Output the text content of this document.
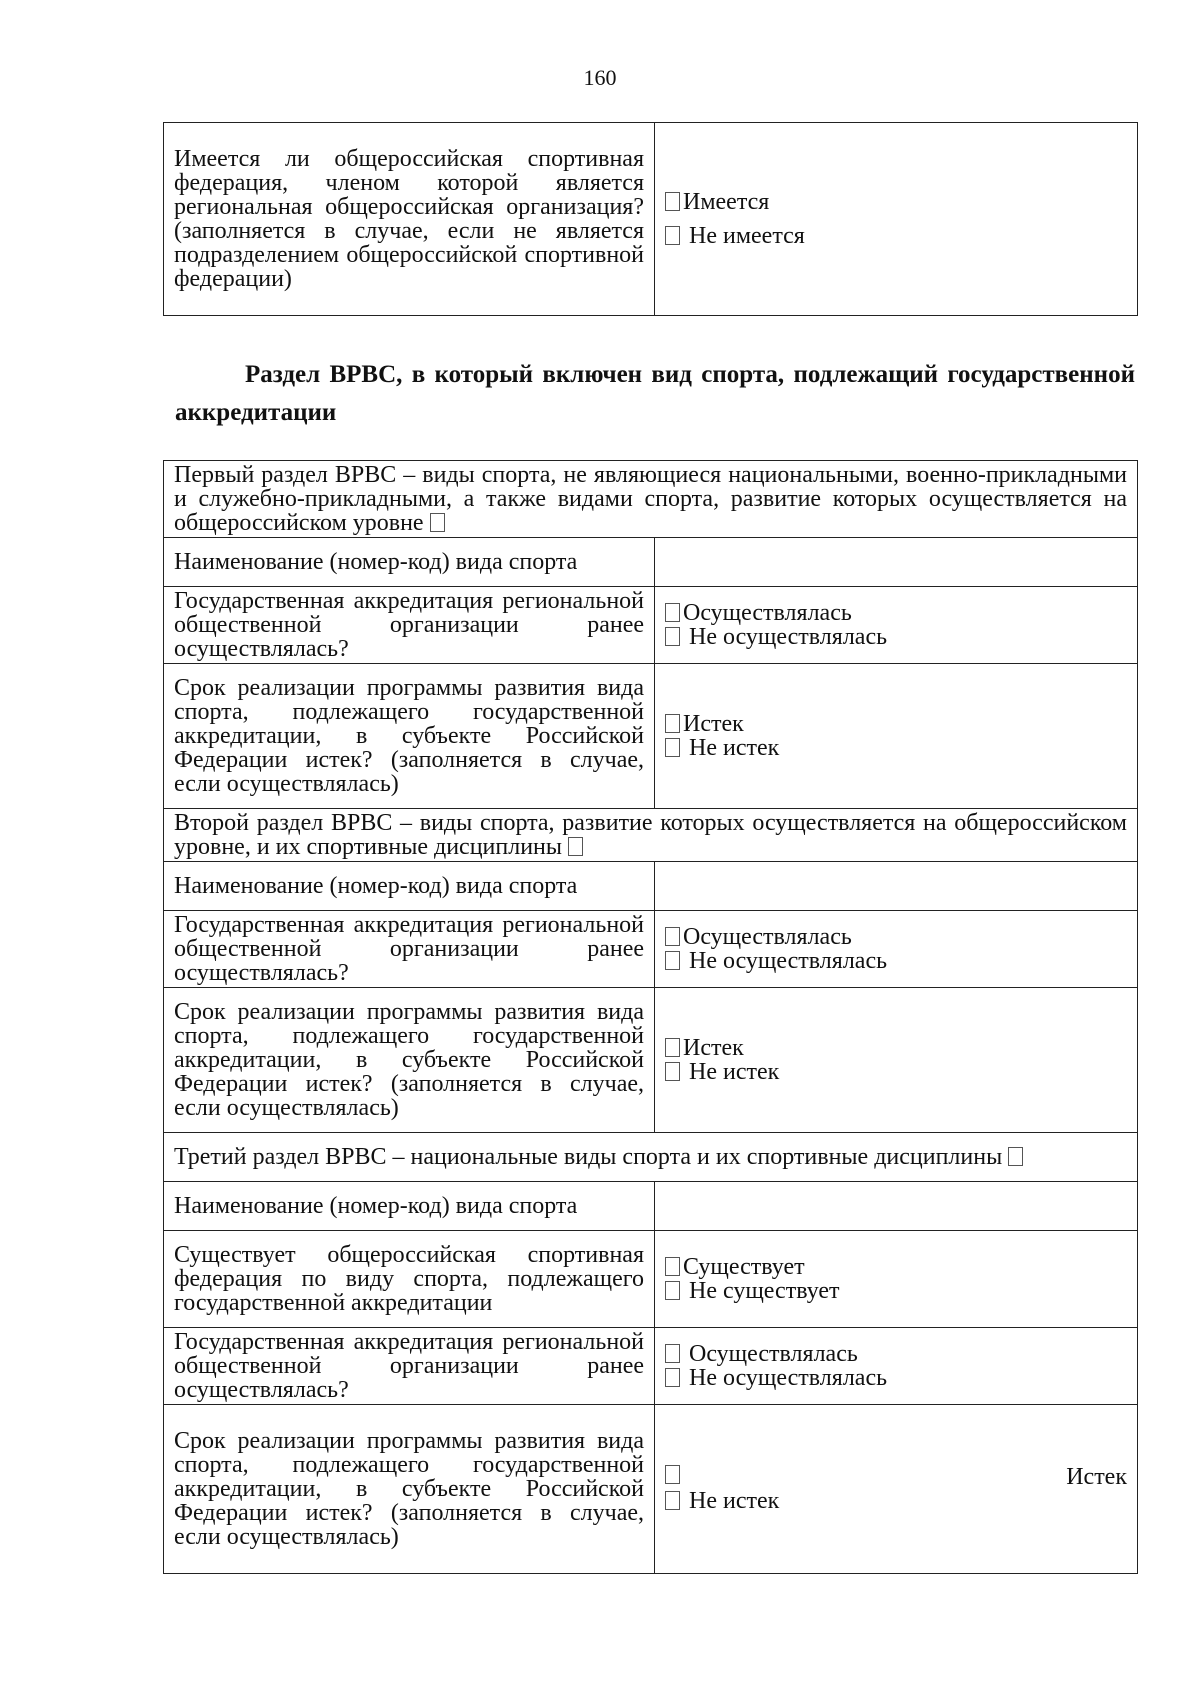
160
Имеется ли общероссийская спортивная федерация, членом которой является региональная общероссийская организация? (заполняется в случае, если не является подразделением общероссийской спортивной федерации)	
Имеется
Не имеется
Раздел ВРВС, в который включен вид спорта, подлежащий государственной аккредитации
Первый раздел ВРВС – виды спорта, не являющиеся национальными, военно-прикладными и служебно-прикладными, а также видами спорта, развитие которых осуществляется на общероссийском уровне	
Наименование (номер-код) вида спорта	
Государственная аккредитация региональной общественной организации ранее осуществлялась?	Осуществлялась
Не осуществлялась

Срок реализации программы развития вида спорта, подлежащего государственной аккредитации, в субъекте Российской Федерации истек? (заполняется в случае, если осуществлялась)	Истек
Не истек

Второй раздел ВРВС – виды спорта, развитие которых осуществляется на общероссийском уровне, и их спортивные дисциплины	
Наименование (номер-код) вида спорта	
Государственная аккредитация региональной общественной организации ранее осуществлялась?	Осуществлялась
Не осуществлялась

Срок реализации программы развития вида спорта, подлежащего государственной аккредитации, в субъекте Российской Федерации истек? (заполняется в случае, если осуществлялась)	Истек
Не истек

Третий раздел ВРВС – национальные виды спорта и их спортивные дисциплины	
Наименование (номер-код) вида спорта	
Существует общероссийская спортивная федерация по виду спорта, подлежащего государственной аккредитации	Существует
Не существует

Государственная аккредитация региональной общественной организации ранее осуществлялась?	Осуществлялась
Не осуществлялась

Срок реализации программы развития вида спорта, подлежащего государственной аккредитации, в субъекте Российской Федерации истек? (заполняется в случае, если осуществлялась)	Истек
Не истек
